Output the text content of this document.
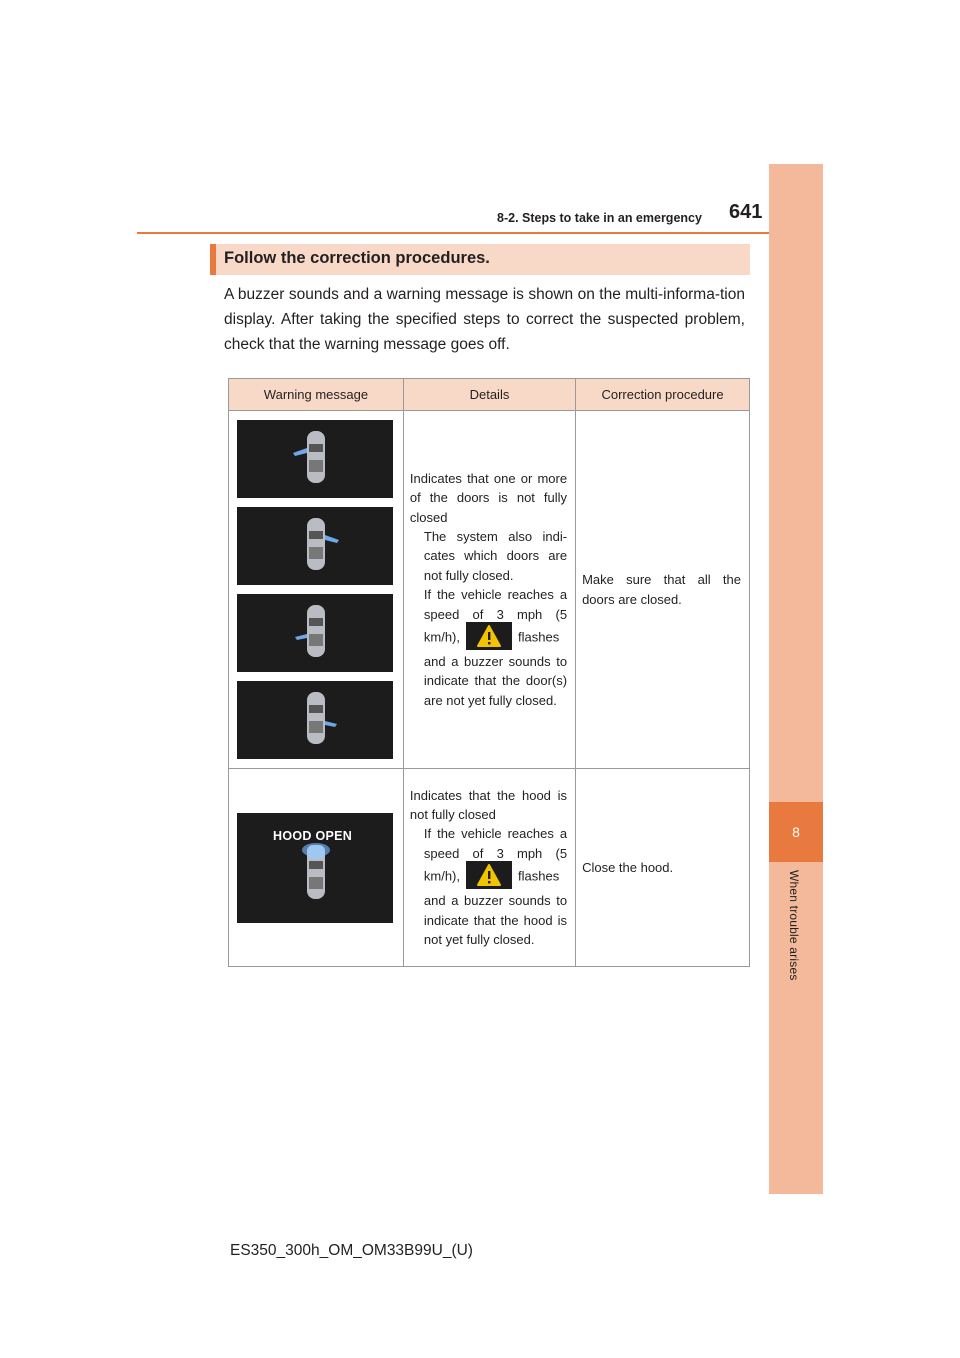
8-2. Steps to take in an emergency 641
8
When trouble arises
Follow the correction procedures.
A buzzer sounds and a warning message is shown on the multi-informa-tion display. After taking the specified steps to correct the suspected problem, check that the warning message goes off.
Warning message	Details	Correction procedure

Indicates that one or more of the doors is not fully closed

The system also indi-cates which doors are not fully closed.

If the vehicle reaches a speed of 3 mph (5 km/h), flashes and a buzzer sounds to indicate that the door(s) are not yet fully closed.	Make sure that all the doors are closed.

HOOD OPEN	Indicates that the hood is not fully closed

If the vehicle reaches a speed of 3 mph (5 km/h), flashes and a buzzer sounds to indicate that the hood is not yet fully closed.	Close the hood.
ES350_300h_OM_OM33B99U_(U)
